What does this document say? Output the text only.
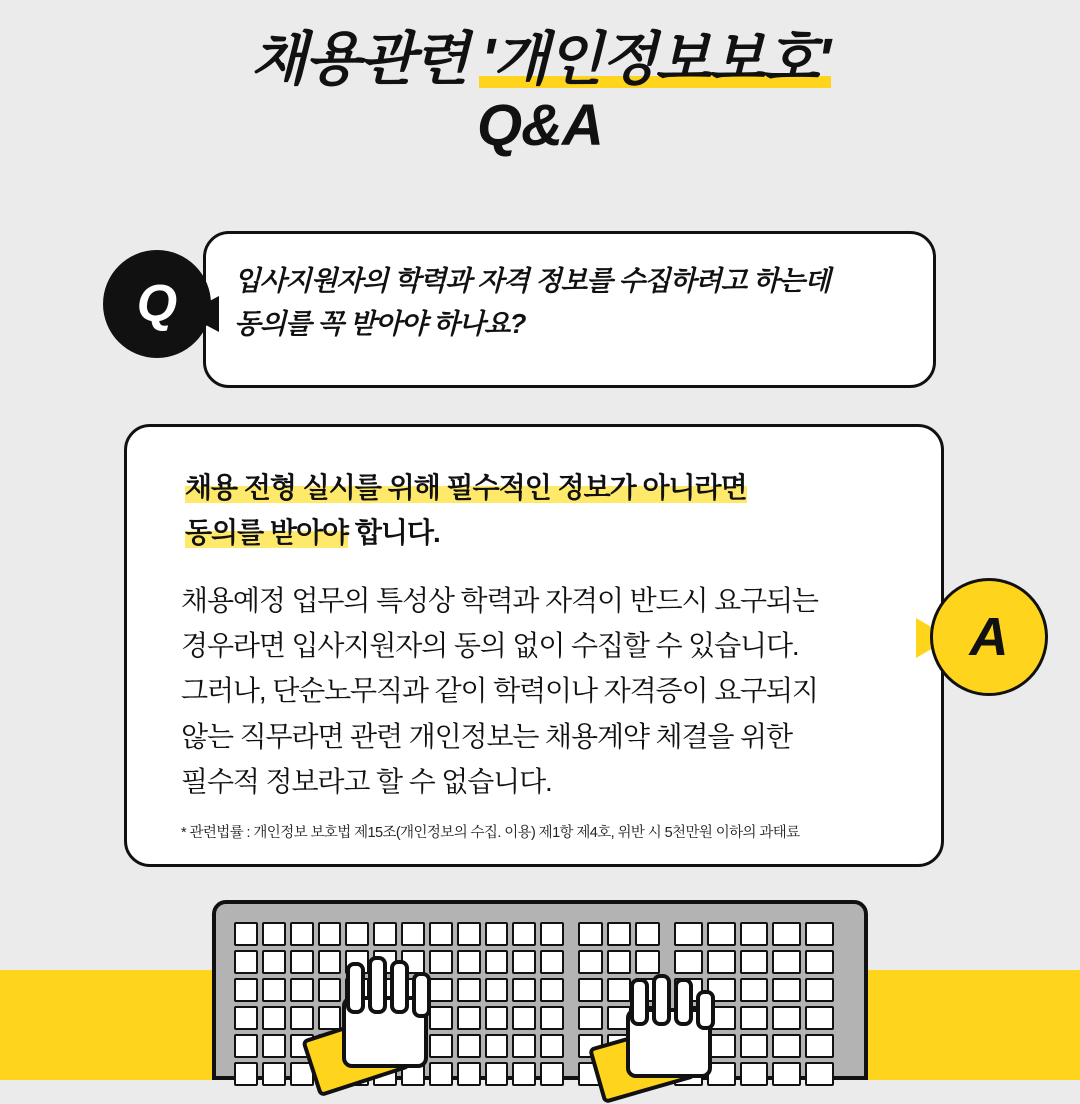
채용관련 '개인정보보호'
Q&A
입사지원자의 학력과 자격 정보를 수집하려고 하는데
동의를 꼭 받아야 하나요?
Q
채용 전형 실시를 위해 필수적인 정보가 아니라면
동의를 받아야 합니다.
채용예정 업무의 특성상 학력과 자격이 반드시 요구되는
경우라면 입사지원자의 동의 없이 수집할 수 있습니다.
그러나, 단순노무직과 같이 학력이나 자격증이 요구되지
않는 직무라면 관련 개인정보는 채용계약 체결을 위한
필수적 정보라고 할 수 없습니다.
* 관련법률 : 개인정보 보호법 제15조(개인정보의 수집. 이용) 제1항 제4호, 위반 시 5천만원 이하의 과태료
A
